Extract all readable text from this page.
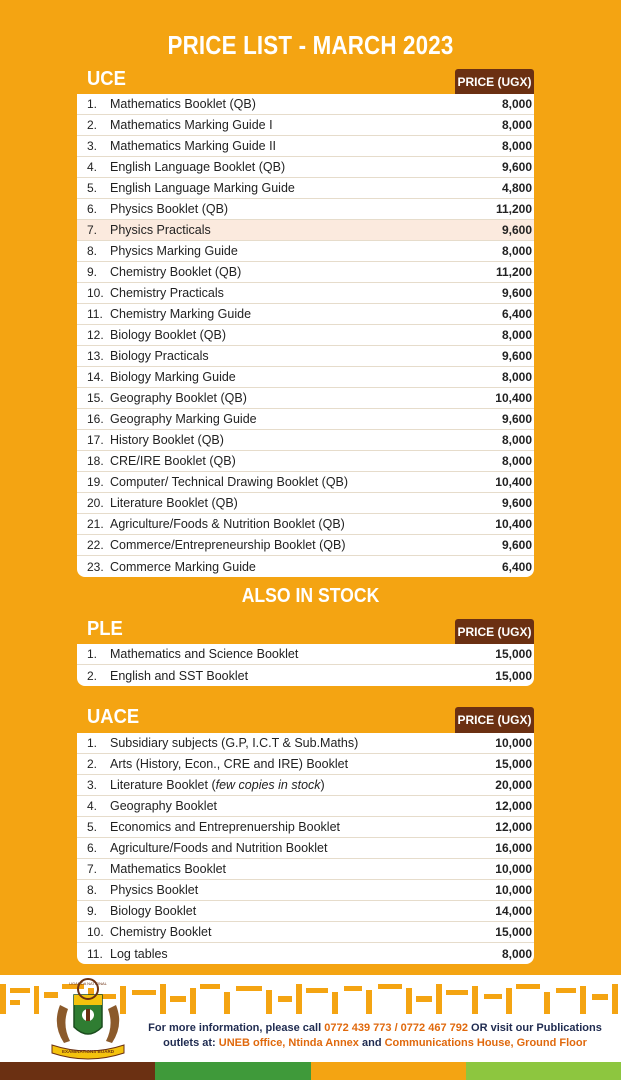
PRICE LIST - MARCH 2023
UCE	PRICE (UGX)
1.	Mathematics Booklet (QB)	8,000
2.	Mathematics Marking Guide I	8,000
3.	Mathematics Marking Guide II	8,000
4.	English Language Booklet (QB)	9,600
5.	English Language Marking Guide	4,800
6.	Physics Booklet (QB)	11,200
7.	Physics Practicals	9,600
8.	Physics Marking Guide	8,000
9.	Chemistry Booklet (QB)	11,200
10. Chemistry Practicals	9,600
11. Chemistry Marking Guide	6,400
12. Biology Booklet (QB)	8,000
13. Biology Practicals	9,600
14. Biology Marking Guide	8,000
15. Geography Booklet (QB)	10,400
16. Geography Marking Guide	9,600
17. History Booklet (QB)	8,000
18. CRE/IRE Booklet (QB)	8,000
19. Computer/ Technical Drawing Booklet (QB)	10,400
20. Literature Booklet (QB)	9,600
21. Agriculture/Foods & Nutrition Booklet (QB)	10,400
22. Commerce/Entrepreneurship Booklet (QB)	9,600
23. Commerce Marking Guide	6,400
ALSO IN STOCK
PLE	PRICE (UGX)
1.	Mathematics and Science Booklet	15,000
2.	English and SST Booklet	15,000
UACE	PRICE (UGX)
1.	Subsidiary subjects (G.P, I.C.T & Sub.Maths)	10,000
2.	Arts (History, Econ., CRE and IRE) Booklet	15,000
3.	Literature Booklet (few copies in stock)	20,000
4.	Geography Booklet	12,000
5.	Economics and Entreprenuership Booklet	12,000
6.	Agriculture/Foods and Nutrition Booklet	16,000
7.	Mathematics Booklet	10,000
8.	Physics Booklet	10,000
9.	Biology Booklet	14,000
10. Chemistry Booklet	15,000
11. Log tables	8,000
UGANDA NATIONAL
EXAMINATIONS BOARD
For more information, please call 0772 439 773 / 0772 467 792 OR visit our Publications
outlets at: UNEB office, Ntinda Annex and Communications House, Ground Floor
